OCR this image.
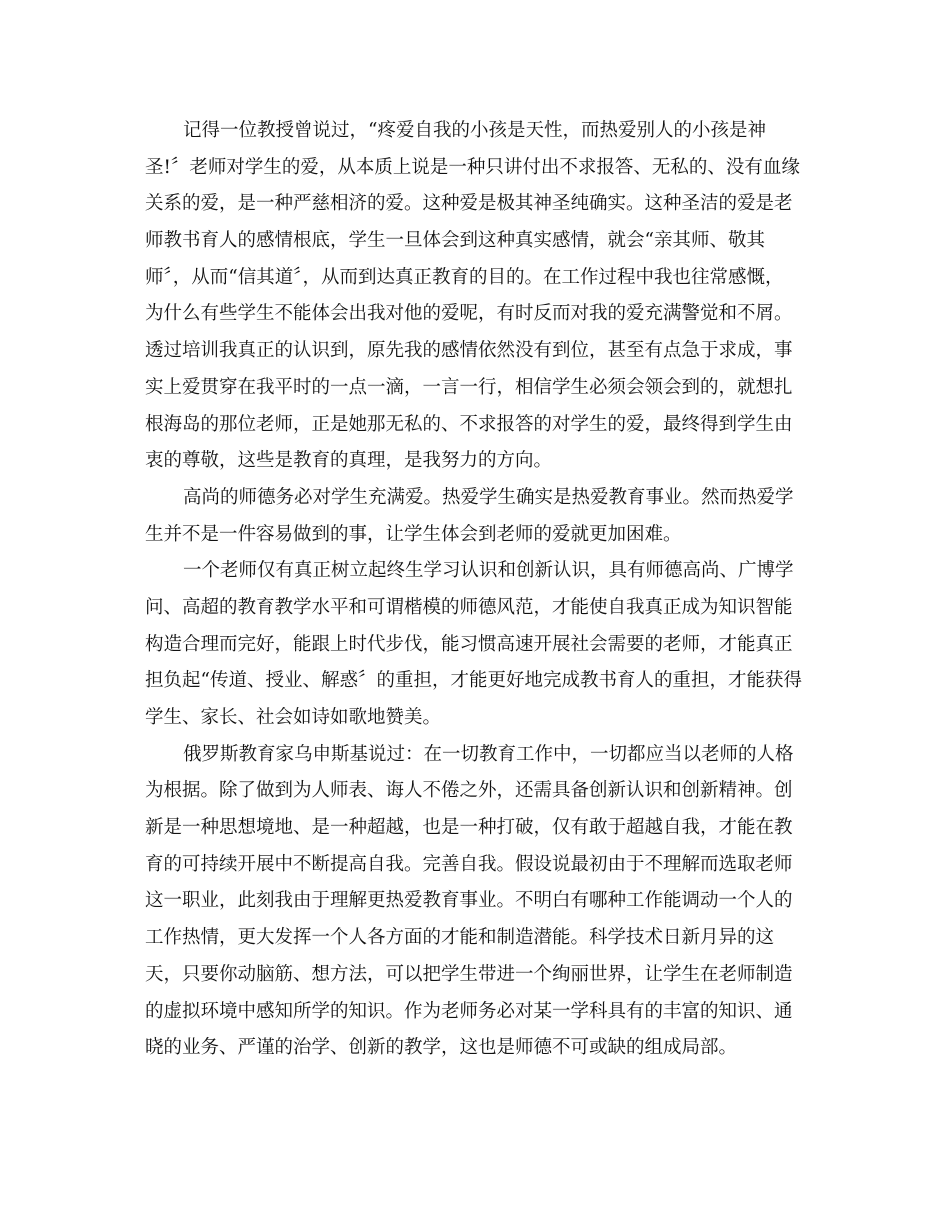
记得一位教授曾说过，“疼爱自我的小孩是天性，而热爱别人的小孩是神
圣!〞老师对学生的爱，从本质上说是一种只讲付出不求报答、无私的、没有血缘
关系的爱，是一种严慈相济的爱。这种爱是极其神圣纯确实。这种圣洁的爱是老
师教书育人的感情根底，学生一旦体会到这种真实感情，就会“亲其师、敬其
师〞，从而“信其道〞，从而到达真正教育的目的。在工作过程中我也往常感慨，
为什么有些学生不能体会出我对他的爱呢，有时反而对我的爱充满警觉和不屑。
透过培训我真正的认识到，原先我的感情依然没有到位，甚至有点急于求成，事
实上爱贯穿在我平时的一点一滴，一言一行，相信学生必须会领会到的，就想扎
根海岛的那位老师，正是她那无私的、不求报答的对学生的爱，最终得到学生由
衷的尊敬，这些是教育的真理，是我努力的方向。
高尚的师德务必对学生充满爱。热爱学生确实是热爱教育事业。然而热爱学
生并不是一件容易做到的事，让学生体会到老师的爱就更加困难。
一个老师仅有真正树立起终生学习认识和创新认识，具有师德高尚、广博学
问、高超的教育教学水平和可谓楷模的师德风范，才能使自我真正成为知识智能
构造合理而完好，能跟上时代步伐，能习惯高速开展社会需要的老师，才能真正
担负起“传道、授业、解惑〞的重担，才能更好地完成教书育人的重担，才能获得
学生、家长、社会如诗如歌地赞美。
俄罗斯教育家乌申斯基说过：在一切教育工作中，一切都应当以老师的人格
为根据。除了做到为人师表、诲人不倦之外，还需具备创新认识和创新精神。创
新是一种思想境地、是一种超越，也是一种打破，仅有敢于超越自我，才能在教
育的可持续开展中不断提高自我。完善自我。假设说最初由于不理解而选取老师
这一职业，此刻我由于理解更热爱教育事业。不明白有哪种工作能调动一个人的
工作热情，更大发挥一个人各方面的才能和制造潜能。科学技术日新月异的这
天，只要你动脑筋、想方法，可以把学生带进一个绚丽世界，让学生在老师制造
的虚拟环境中感知所学的知识。作为老师务必对某一学科具有的丰富的知识、通
晓的业务、严谨的治学、创新的教学，这也是师德不可或缺的组成局部。
